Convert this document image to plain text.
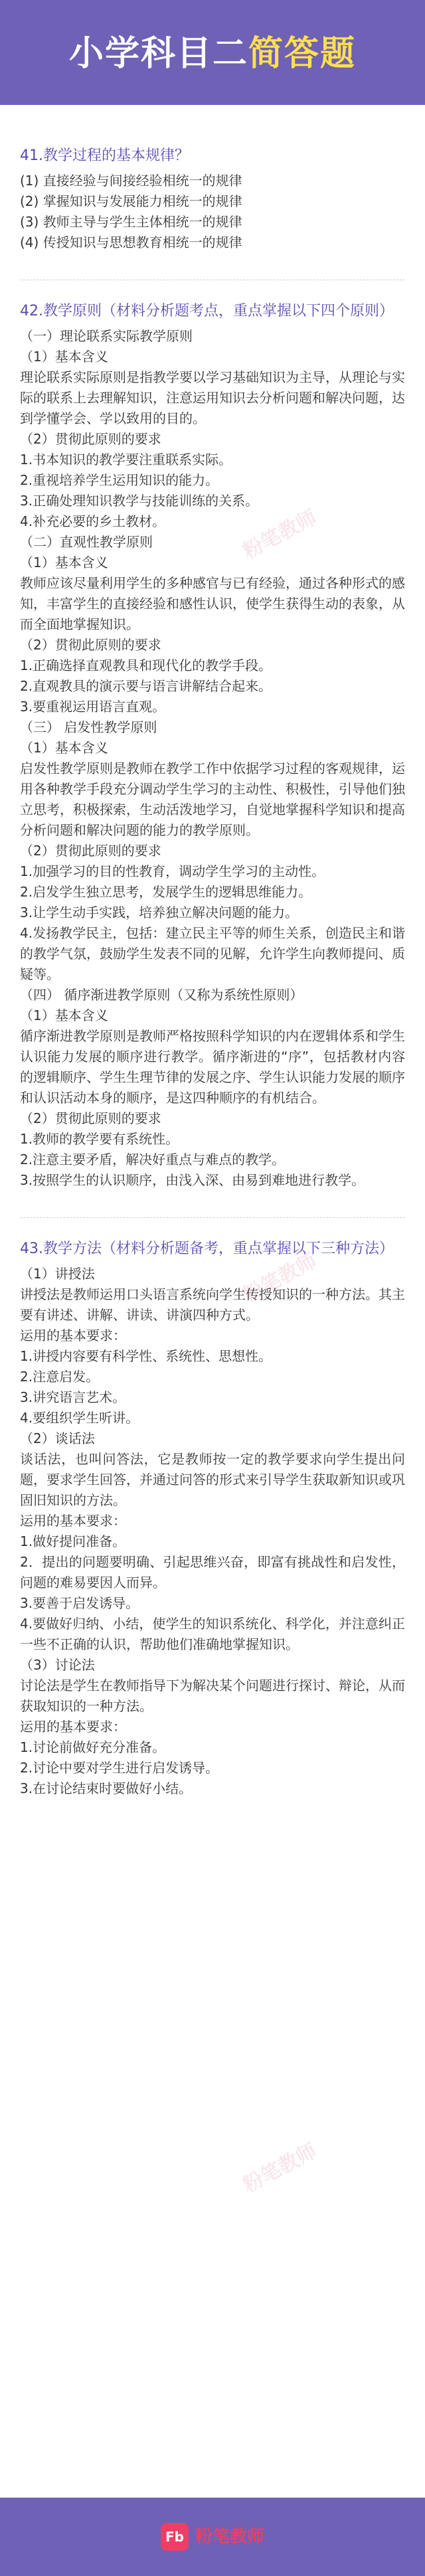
小学科目二简答题
41.教学过程的基本规律？
(1) 直接经验与间接经验相统一的规律
(2) 掌握知识与发展能力相统一的规律
(3) 教师主导与学生主体相统一的规律
(4) 传授知识与思想教育相统一的规律
42.教学原则（材料分析题考点，重点掌握以下四个原则）
（一）理论联系实际教学原则
（1）基本含义
理论联系实际原则是指教学要以学习基础知识为主导，从理论与实际的联系上去理解知识，注意运用知识去分析问题和解决问题，达到学懂学会、学以致用的目的。
（2）贯彻此原则的要求
1.书本知识的教学要注重联系实际。
2.重视培养学生运用知识的能力。
3.正确处理知识教学与技能训练的关系。
4.补充必要的乡土教材。
（二）直观性教学原则
（1）基本含义
教师应该尽量利用学生的多种感官与已有经验，通过各种形式的感知，丰富学生的直接经验和感性认识，使学生获得生动的表象，从而全面地掌握知识。
（2）贯彻此原则的要求
1.正确选择直观教具和现代化的教学手段。
2.直观教具的演示要与语言讲解结合起来。
3.要重视运用语言直观。
（三） 启发性教学原则
（1）基本含义
启发性教学原则是教师在教学工作中依据学习过程的客观规律，运用各种教学手段充分调动学生学习的主动性、积极性，引导他们独立思考，积极探索，生动活泼地学习，自觉地掌握科学知识和提高分析问题和解决问题的能力的教学原则。
（2）贯彻此原则的要求
1.加强学习的目的性教育，调动学生学习的主动性。
2.启发学生独立思考，发展学生的逻辑思维能力。
3.让学生动手实践，培养独立解决问题的能力。
4.发扬教学民主，包括：建立民主平等的师生关系，创造民主和谐的教学气氛，鼓励学生发表不同的见解，允许学生向教师提问、质疑等。
（四） 循序渐进教学原则（又称为系统性原则）
（1）基本含义
循序渐进教学原则是教师严格按照科学知识的内在逻辑体系和学生认识能力发展的顺序进行教学。循序渐进的“序”，包括教材内容的逻辑顺序、学生生理节律的发展之序、学生认识能力发展的顺序和认识活动本身的顺序，是这四种顺序的有机结合。
（2）贯彻此原则的要求
1.教师的教学要有系统性。
2.注意主要矛盾，解决好重点与难点的教学。
3.按照学生的认识顺序，由浅入深、由易到难地进行教学。
43.教学方法（材料分析题备考，重点掌握以下三种方法）
（1）讲授法
讲授法是教师运用口头语言系统向学生传授知识的一种方法。其主要有讲述、讲解、讲读、讲演四种方式。
运用的基本要求：
1.讲授内容要有科学性、系统性、思想性。
2.注意启发。
3.讲究语言艺术。
4.要组织学生听讲。
（2）谈话法
谈话法，也叫问答法，它是教师按一定的教学要求向学生提出问题，要求学生回答，并通过问答的形式来引导学生获取新知识或巩固旧知识的方法。
运用的基本要求：
1.做好提问准备。
2．提出的问题要明确、引起思维兴奋，即富有挑战性和启发性，问题的难易要因人而异。
3.要善于启发诱导。
4.要做好归纳、小结，使学生的知识系统化、科学化，并注意纠正一些不正确的认识，帮助他们准确地掌握知识。
（3）讨论法
讨论法是学生在教师指导下为解决某个问题进行探讨、辩论，从而获取知识的一种方法。
运用的基本要求：
1.讨论前做好充分准备。
2.讨论中要对学生进行启发诱导。
3.在讨论结束时要做好小结。
粉笔教师
粉笔教师
粉笔教师
Fb 粉笔教师
